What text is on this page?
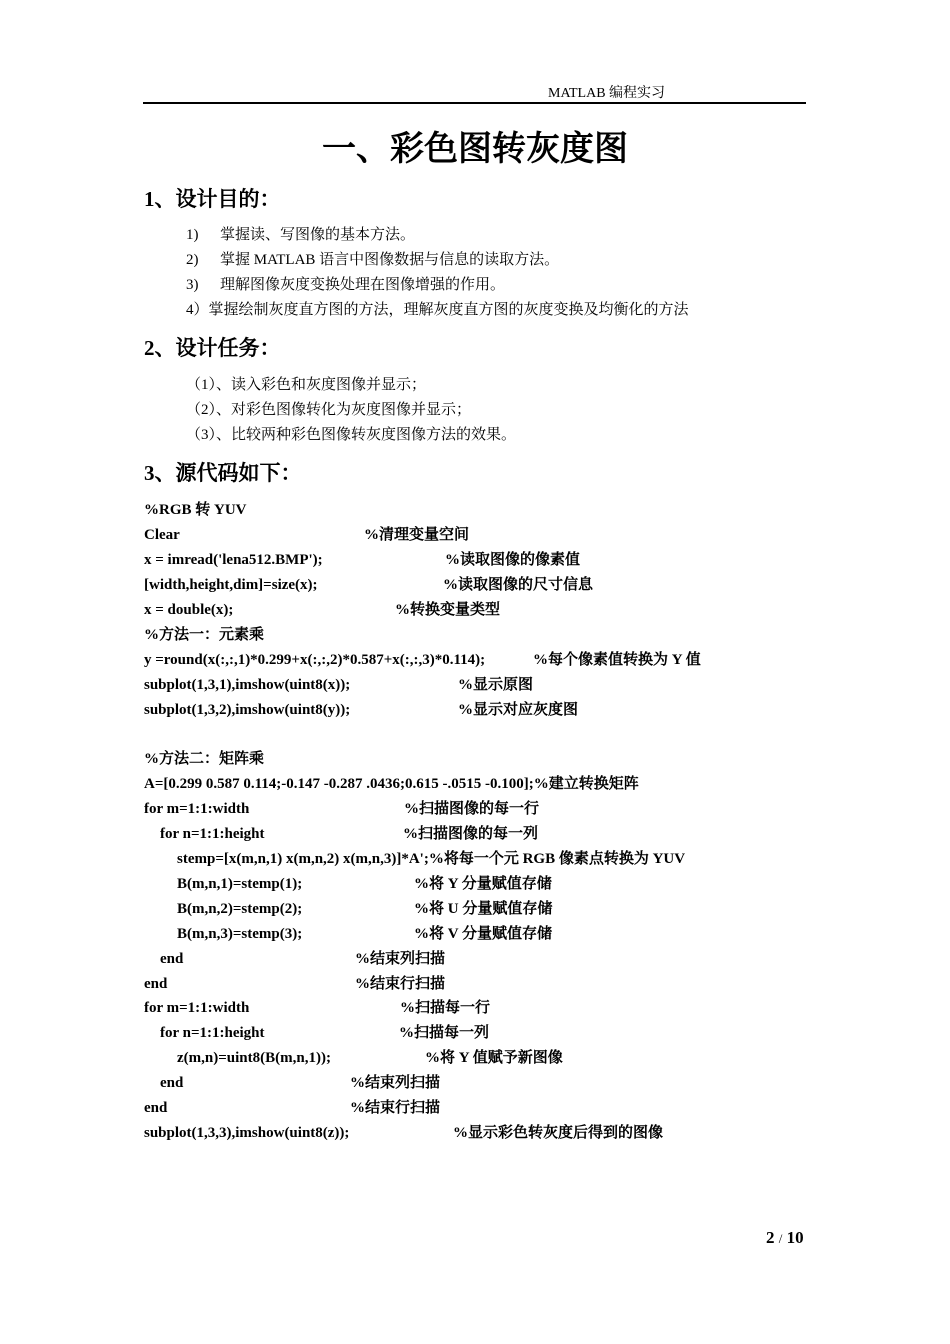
MATLAB 编程实习
一、彩色图转灰度图
1、设计目的：
1) 掌握读、写图像的基本方法。
2) 掌握 MATLAB 语言中图像数据与信息的读取方法。
3) 理解图像灰度变换处理在图像增强的作用。
4）掌握绘制灰度直方图的方法，理解灰度直方图的灰度变换及均衡化的方法
2、设计任务：
（1）、读入彩色和灰度图像并显示；
（2）、对彩色图像转化为灰度图像并显示；
（3）、比较两种彩色图像转灰度图像方法的效果。
3、源代码如下：
%RGB 转 YUV
Clear	%清理变量空间
x = imread('lena512.BMP');	%读取图像的像素值
[width,height,dim]=size(x);	%读取图像的尺寸信息
x = double(x);	%转换变量类型
%方法一：元素乘
y =round(x(:,:,1)*0.299+x(:,:,2)*0.587+x(:,:,3)*0.114);	%每个像素值转换为 Y 值
subplot(1,3,1),imshow(uint8(x));	%显示原图
subplot(1,3,2),imshow(uint8(y));	%显示对应灰度图
%方法二：矩阵乘
A=[0.299 0.587 0.114;-0.147 -0.287 .0436;0.615 -.0515 -0.100];%建立转换矩阵
for m=1:1:width	%扫描图像的每一行
for n=1:1:height	%扫描图像的每一列
stemp=[x(m,n,1) x(m,n,2) x(m,n,3)]*A';%将每一个元 RGB 像素点转换为 YUV
B(m,n,1)=stemp(1);	%将 Y 分量赋值存储
B(m,n,2)=stemp(2);	%将 U 分量赋值存储
B(m,n,3)=stemp(3);	%将 V 分量赋值存储
end	%结束列扫描
end	%结束行扫描
for m=1:1:width	%扫描每一行
for n=1:1:height	%扫描每一列
z(m,n)=uint8(B(m,n,1));	%将 Y 值赋予新图像
end	%结束列扫描
end	%结束行扫描
subplot(1,3,3),imshow(uint8(z));	%显示彩色转灰度后得到的图像
2 / 10
